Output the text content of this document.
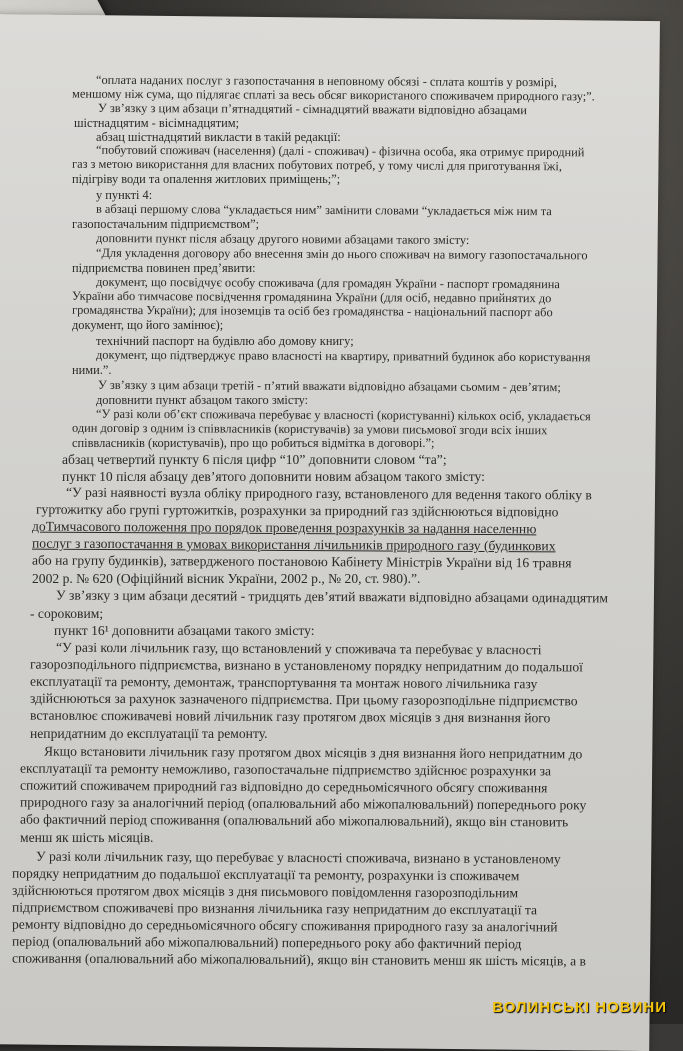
“оплата наданих послуг з газопостачання в неповному обсязі - сплата коштів у розмірі,
меншому ніж сума, що підлягає сплаті за весь обсяг використаного споживачем природного газу;”.
У зв’язку з цим абзаци п’ятнадцятий - сімнадцятий вважати відповідно абзацами
шістнадцятим - вісімнадцятим;
абзац шістнадцятий викласти в такій редакції:
“побутовий споживач (населення) (далі - споживач) - фізична особа, яка отримує природний
газ з метою використання для власних побутових потреб, у тому числі для приготування їжі,
підігріву води та опалення житлових приміщень;”;
у пункті 4:
в абзаці першому слова “укладається ним” замінити словами “укладається між ним та
газопостачальним підприємством”;
доповнити пункт після абзацу другого новими абзацами такого змісту:
“Для укладення договору або внесення змін до нього споживач на вимогу газопостачального
підприємства повинен пред’явити:
документ, що посвідчує особу споживача (для громадян України - паспорт громадянина
України або тимчасове посвідчення громадянина України (для осіб, недавно прийнятих до
громадянства України); для іноземців та осіб без громадянства - національний паспорт або
документ, що його замінює);
технічний паспорт на будівлю або домову книгу;
документ, що підтверджує право власності на квартиру, приватний будинок або користування
ними.”.
У зв’язку з цим абзаци третій - п’ятий вважати відповідно абзацами сьомим - дев’ятим;
доповнити пункт абзацом такого змісту:
“У разі коли об’єкт споживача перебуває у власності (користуванні) кількох осіб, укладається
один договір з одним із співвласників (користувачів) за умови письмової згоди всіх інших
співвласників (користувачів), про що робиться відмітка в договорі.”;
абзац четвертий пункту 6 після цифр “10” доповнити словом “та”;
пункт 10 після абзацу дев’ятого доповнити новим абзацом такого змісту:
“У разі наявності вузла обліку природного газу, встановленого для ведення такого обліку в
гуртожитку або групі гуртожитків, розрахунки за природний газ здійснюються відповідно
доТимчасового положення про порядок проведення розрахунків за надання населенню
послуг з газопостачання в умовах використання лічильників природного газу (будинкових
або на групу будинків), затвердженого постановою Кабінету Міністрів України від 16 травня
2002 р. № 620 (Офіційний вісник України, 2002 р., № 20, ст. 980).”.
У зв’язку з цим абзаци десятий - тридцять дев’ятий вважати відповідно абзацами одинадцятим
- сороковим;
пункт 16¹ доповнити абзацами такого змісту:
“У разі коли лічильник газу, що встановлений у споживача та перебуває у власності
газорозподільного підприємства, визнано в установленому порядку непридатним до подальшої
експлуатації та ремонту, демонтаж, транспортування та монтаж нового лічильника газу
здійснюються за рахунок зазначеного підприємства. При цьому газорозподільне підприємство
встановлює споживачеві новий лічильник газу протягом двох місяців з дня визнання його
непридатним до експлуатації та ремонту.
Якщо встановити лічильник газу протягом двох місяців з дня визнання його непридатним до
експлуатації та ремонту неможливо, газопостачальне підприємство здійснює розрахунки за
спожитий споживачем природний газ відповідно до середньомісячного обсягу споживання
природного газу за аналогічний період (опалювальний або міжопалювальний) попереднього року
або фактичний період споживання (опалювальний або міжопалювальний), якщо він становить
менш як шість місяців.
У разі коли лічильник газу, що перебуває у власності споживача, визнано в установленому
порядку непридатним до подальшої експлуатації та ремонту, розрахунки із споживачем
здійснюються протягом двох місяців з дня письмового повідомлення газорозподільним
підприємством споживачеві про визнання лічильника газу непридатним до експлуатації та
ремонту відповідно до середньомісячного обсягу споживання природного газу за аналогічний
період (опалювальний або міжопалювальний) попереднього року або фактичний період
споживання (опалювальний або міжопалювальний), якщо він становить менш як шість місяців, а в
ВОЛИНСЬКІ НОВИНИ
